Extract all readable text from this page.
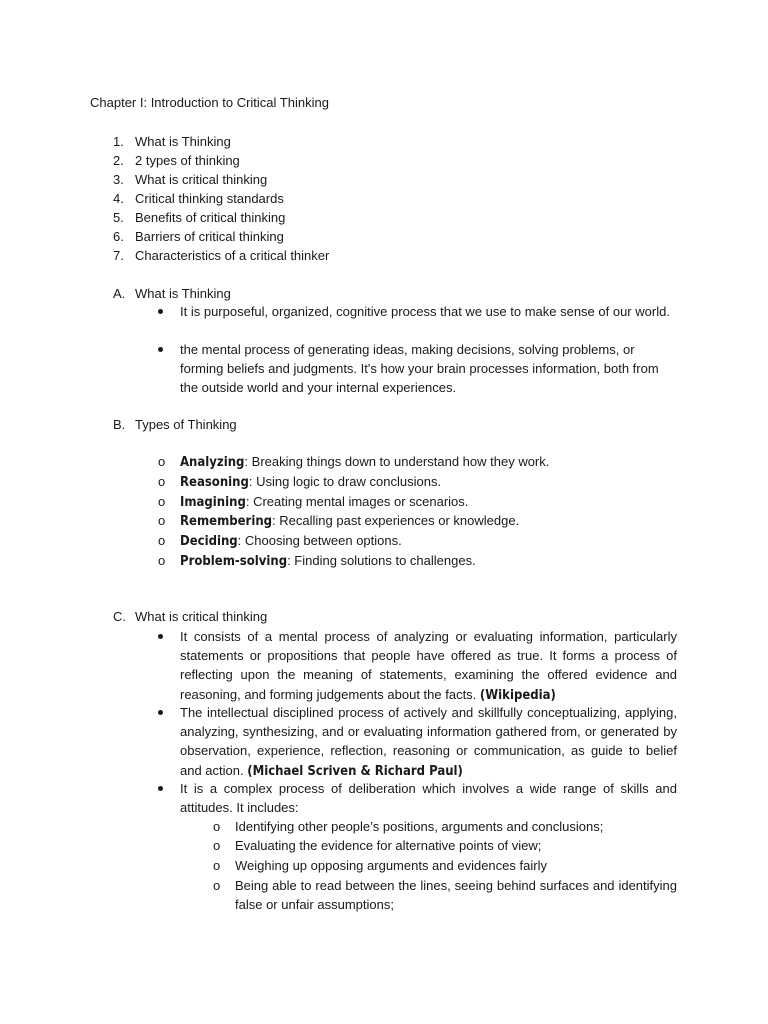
Chapter I: Introduction to Critical Thinking
1. What is Thinking
2. 2 types of thinking
3. What is critical thinking
4. Critical thinking standards
5. Benefits of critical thinking
6. Barriers of critical thinking
7. Characteristics of a critical thinker
A. What is Thinking
It is purposeful, organized, cognitive process that we use to make sense of our world.
the mental process of generating ideas, making decisions, solving problems, or forming beliefs and judgments. It's how your brain processes information, both from the outside world and your internal experiences.
B. Types of Thinking
o Analyzing: Breaking things down to understand how they work.
o Reasoning: Using logic to draw conclusions.
o Imagining: Creating mental images or scenarios.
o Remembering: Recalling past experiences or knowledge.
o Deciding: Choosing between options.
o Problem-solving: Finding solutions to challenges.
C. What is critical thinking
It consists of a mental process of analyzing or evaluating information, particularly statements or propositions that people have offered as true. It forms a process of reflecting upon the meaning of statements, examining the offered evidence and reasoning, and forming judgements about the facts. (Wikipedia)
The intellectual disciplined process of actively and skillfully conceptualizing, applying, analyzing, synthesizing, and or evaluating information gathered from, or generated by observation, experience, reflection, reasoning or communication, as guide to belief and action. (Michael Scriven & Richard Paul)
It is a complex process of deliberation which involves a wide range of skills and attitudes. It includes:
o Identifying other people’s positions, arguments and conclusions;
o Evaluating the evidence for alternative points of view;
o Weighing up opposing arguments and evidences fairly
o Being able to read between the lines, seeing behind surfaces and identifying false or unfair assumptions;
